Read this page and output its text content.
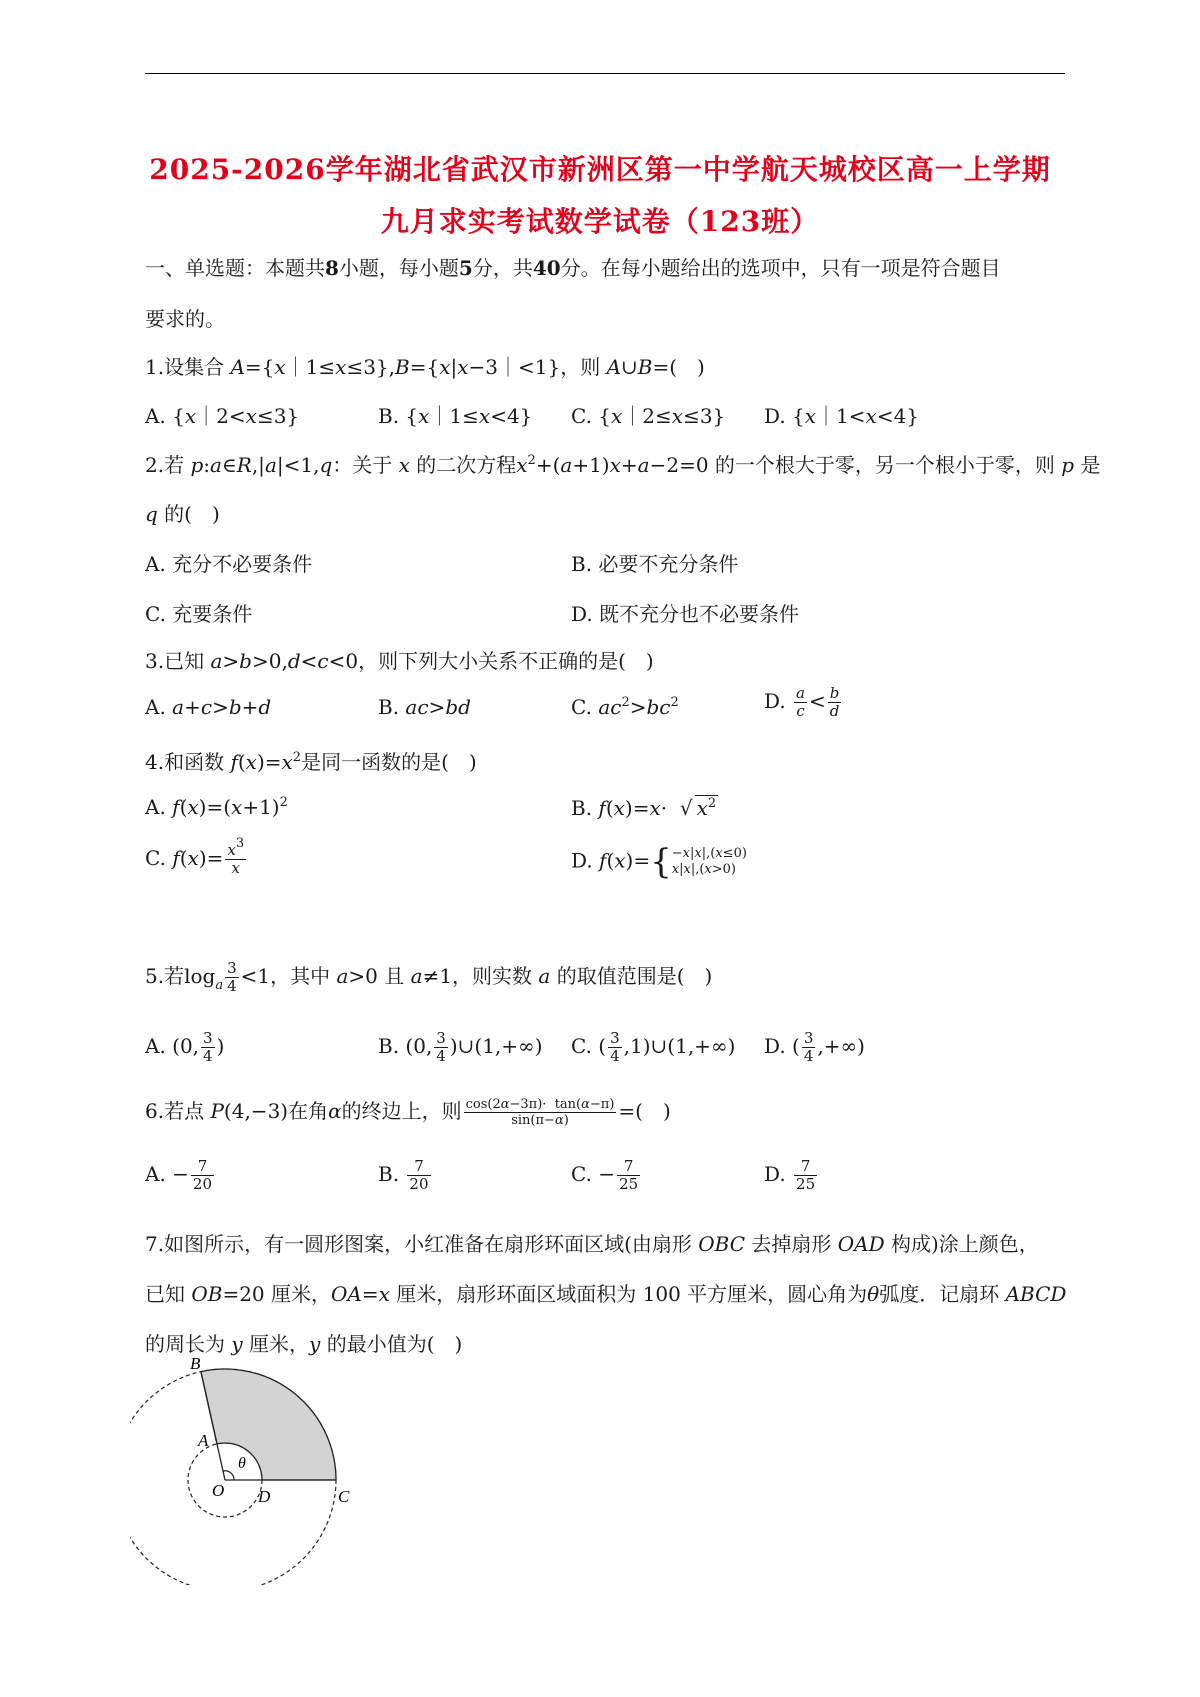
2025-2026学年湖北省武汉市新洲区第一中学航天城校区高一上学期
九月求实考试数学试卷（123班）
一、单选题：本题共8小题，每小题5分，共40分。在每小题给出的选项中，只有一项是符合题目
要求的。
1.设集合 A={x｜1≤x≤3},B={x|x−3｜<1}，则 A∪B=(　)
A. {x｜2<x≤3}	B. {x｜1≤x<4} C. {x｜2≤x≤3} D. {x｜1<x<4}
2.若 p:a∈R,|a|<1,q：关于 x 的二次方程$x^2+(a+1)x+a-2=0$ 的一个根大于零，另一个根小于零，则 p 是
q 的(　)
A. 充分不必要条件	B. 必要不充分条件
C. 充要条件	D. 既不充分也不必要条件
3.已知 a>b>0,d<c<0，则下列大小关系不正确的是(　)
A. a+c>b+d	B. ac>bd	C. $ac^2>bc^2$	D. $\frac{a}{c} < \frac{b}{d}$
4.和函数 $f(x)=x^2$是同一函数的是(　)
A. $f(x)=(x+1)^2$	B. f(x)=x·  √ $x^2$
C. $f(x)= \frac{x^3}{x}$	D. f(x)={ −x|x|,(x≤0)
x|x|,(x>0)
5.若$\log_a \frac{3}{4} <1$，其中 a>0 且 a≠1，则实数 a 的取值范围是(　)
A. (0, $\frac{3}{4}$ )	B. (0, $\frac{3}{4}$ )∪(1,+∞) C. ( $\frac{3}{4}$ ,1)∪(1,+∞) D. ( $\frac{3}{4}$ ,+∞)
6.若点 P(4,−3)在角α的终边上，则 $\frac{\cos(2\alpha-3\pi)\cdot \tan(\alpha-\pi)}{\sin(\pi-\alpha)}$ =(　)
A. − $\frac{7}{20}$	B. $\frac{7}{20}$	C. − $\frac{7}{25}$	D. $\frac{7}{25}$
7.如图所示，有一圆形图案，小红准备在扇形环面区域(由扇形 OBC 去掉扇形 OAD 构成)涂上颜色，
已知 OB=20 厘米，OA=x 厘米，扇形环面区域面积为 100 平方厘米，圆心角为θ弧度．记扇环 ABCD
的周长为 y 厘米，y 的最小值为(　)
B
A
θ
O D	C
